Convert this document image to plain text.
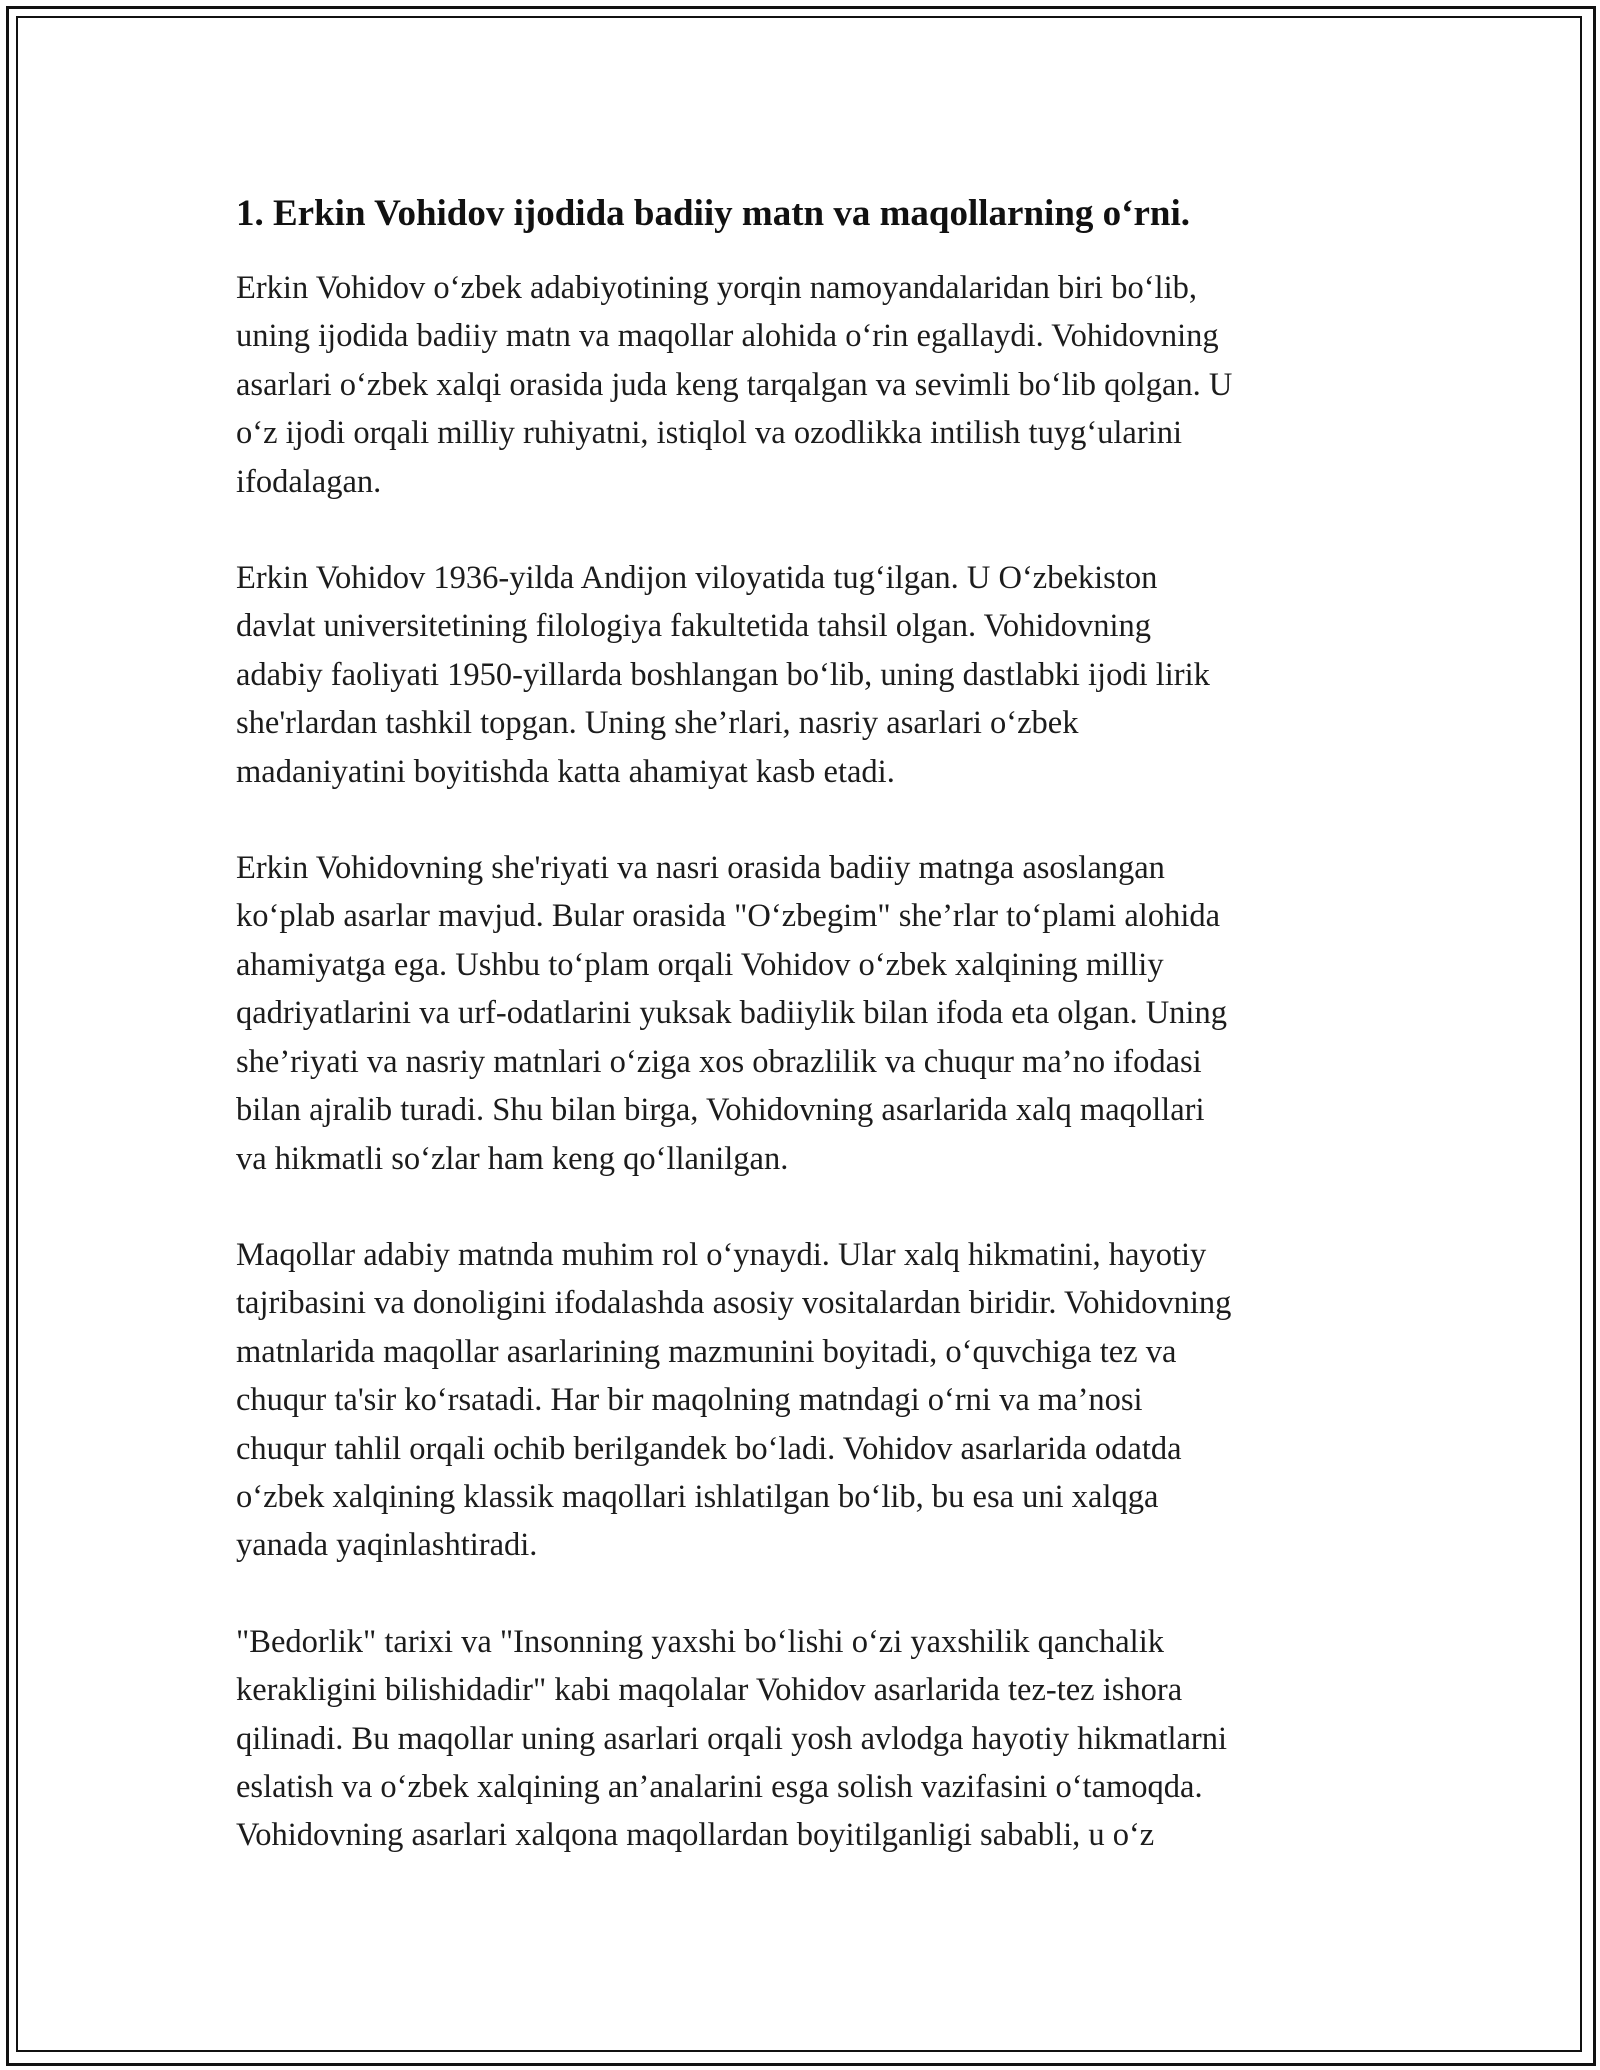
1. Erkin Vohidov ijodida badiiy matn va maqollarning o‘rni.

Erkin Vohidov o‘zbek adabiyotining yorqin namoyandalaridan biri bo‘lib,
uning ijodida badiiy matn va maqollar alohida o‘rin egallaydi. Vohidovning
asarlari o‘zbek xalqi orasida juda keng tarqalgan va sevimli bo‘lib qolgan. U
o‘z ijodi orqali milliy ruhiyatni, istiqlol va ozodlikka intilish tuyg‘ularini
ifodalagan.

Erkin Vohidov 1936-yilda Andijon viloyatida tug‘ilgan. U O‘zbekiston
davlat universitetining filologiya fakultetida tahsil olgan. Vohidovning
adabiy faoliyati 1950-yillarda boshlangan bo‘lib, uning dastlabki ijodi lirik
she'rlardan tashkil topgan. Uning she’rlari, nasriy asarlari o‘zbek
madaniyatini boyitishda katta ahamiyat kasb etadi.

Erkin Vohidovning she'riyati va nasri orasida badiiy matnga asoslangan
ko‘plab asarlar mavjud. Bular orasida "O‘zbegim" she’rlar to‘plami alohida
ahamiyatga ega. Ushbu to‘plam orqali Vohidov o‘zbek xalqining milliy
qadriyatlarini va urf-odatlarini yuksak badiiylik bilan ifoda eta olgan. Uning
she’riyati va nasriy matnlari o‘ziga xos obrazlilik va chuqur ma’no ifodasi
bilan ajralib turadi. Shu bilan birga, Vohidovning asarlarida xalq maqollari
va hikmatli so‘zlar ham keng qo‘llanilgan.

Maqollar adabiy matnda muhim rol o‘ynaydi. Ular xalq hikmatini, hayotiy
tajribasini va donoligini ifodalashda asosiy vositalardan biridir. Vohidovning
matnlarida maqollar asarlarining mazmunini boyitadi, o‘quvchiga tez va
chuqur ta'sir ko‘rsatadi. Har bir maqolning matndagi o‘rni va ma’nosi
chuqur tahlil orqali ochib berilgandek bo‘ladi. Vohidov asarlarida odatda
o‘zbek xalqining klassik maqollari ishlatilgan bo‘lib, bu esa uni xalqga
yanada yaqinlashtiradi.

"Bedorlik" tarixi va "Insonning yaxshi bo‘lishi o‘zi yaxshilik qanchalik
kerakligini bilishidadir" kabi maqolalar Vohidov asarlarida tez-tez ishora
qilinadi. Bu maqollar uning asarlari orqali yosh avlodga hayotiy hikmatlarni
eslatish va o‘zbek xalqining an’analarini esga solish vazifasini o‘tamoqda.
Vohidovning asarlari xalqona maqollardan boyitilganligi sababli, u o‘z
